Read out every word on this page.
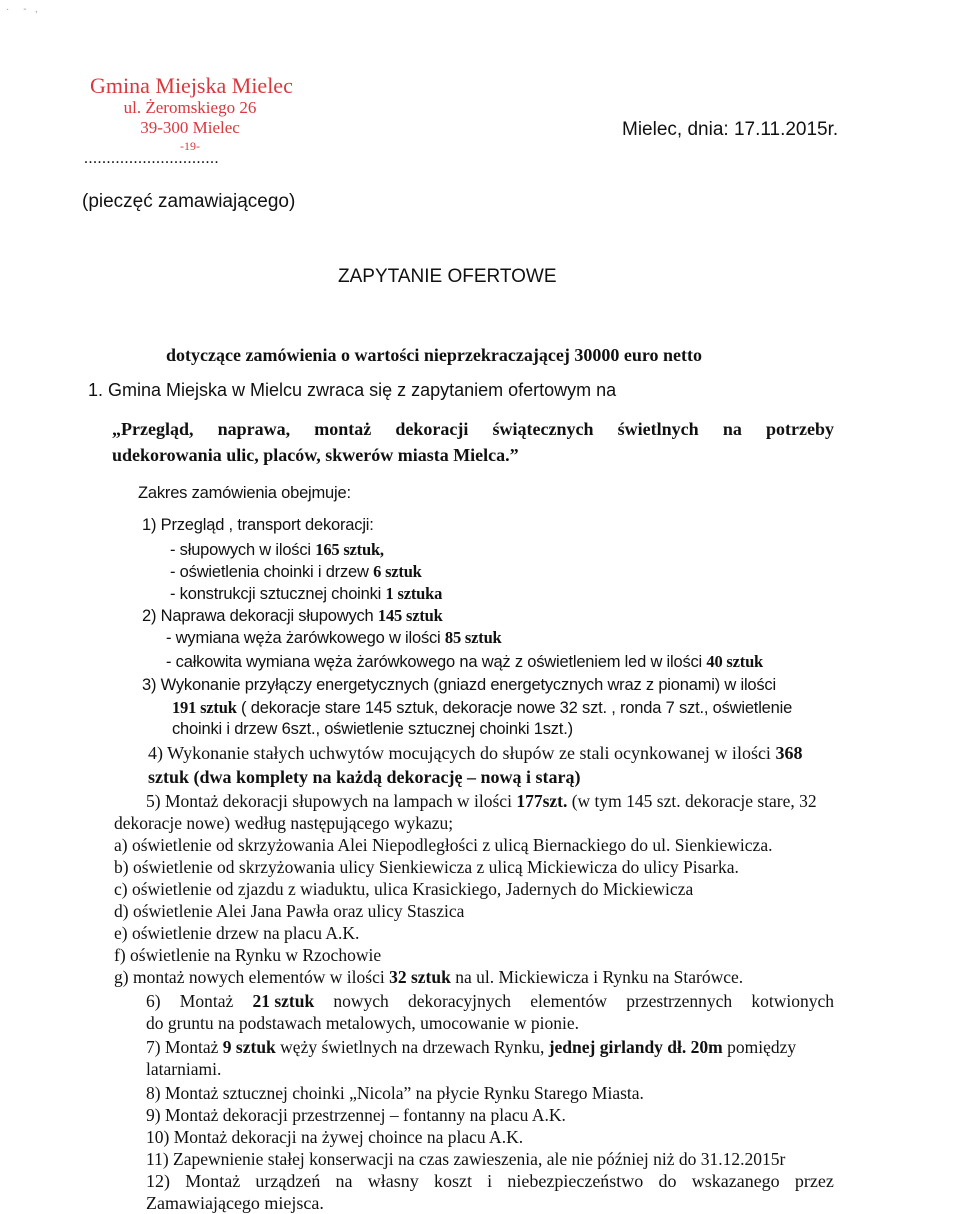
·     ‑   ,
Gmina Miejska Mielec
ul. Żeromskiego 26
39-300 Mielec
-19-
Mielec, dnia: 17.11.2015r.
..............................
(pieczęć zamawiającego)
ZAPYTANIE OFERTOWE
dotyczące zamówienia o wartości nieprzekraczającej 30000 euro netto
1. Gmina Miejska w Mielcu zwraca się z zapytaniem ofertowym na
„Przegląd, naprawa, montaż dekoracji świątecznych świetlnych na potrzeby
udekorowania ulic, placów, skwerów miasta Mielca.”
Zakres zamówienia obejmuje:
1) Przegląd , transport dekoracji:
- słupowych w ilości 165 sztuk,
- oświetlenia choinki i drzew 6 sztuk
- konstrukcji sztucznej choinki 1 sztuka
2) Naprawa dekoracji słupowych 145 sztuk
- wymiana węża żarówkowego w ilości 85 sztuk
- całkowita wymiana węża żarówkowego na wąż z oświetleniem led w ilości 40 sztuk
3) Wykonanie przyłączy energetycznych (gniazd energetycznych wraz z pionami) w ilości
191 sztuk ( dekoracje stare 145 sztuk, dekoracje nowe 32 szt. , ronda 7 szt., oświetlenie
choinki i drzew 6szt., oświetlenie sztucznej choinki 1szt.)
4) Wykonanie stałych uchwytów mocujących do słupów ze stali ocynkowanej w ilości 368
sztuk (dwa komplety na każdą dekorację – nową i starą)
5) Montaż dekoracji słupowych na lampach w ilości 177szt. (w tym 145 szt. dekoracje stare, 32
dekoracje nowe) według następującego wykazu;
a) oświetlenie od skrzyżowania Alei Niepodległości z ulicą Biernackiego do ul. Sienkiewicza.
b) oświetlenie od skrzyżowania ulicy Sienkiewicza z ulicą Mickiewicza do ulicy Pisarka.
c) oświetlenie od zjazdu z wiaduktu, ulica Krasickiego, Jadernych do Mickiewicza
d) oświetlenie Alei Jana Pawła oraz ulicy Staszica
e) oświetlenie drzew na placu A.K.
f) oświetlenie na Rynku w Rzochowie
g) montaż nowych elementów w ilości 32 sztuk na ul. Mickiewicza i Rynku na Starówce.
6) Montaż 21 sztuk nowych dekoracyjnych elementów przestrzennych kotwionych
do gruntu na podstawach metalowych, umocowanie w pionie.
7) Montaż 9 sztuk węży świetlnych na drzewach Rynku, jednej girlandy dł. 20m pomiędzy
latarniami.
8) Montaż sztucznej choinki „Nicola” na płycie Rynku Starego Miasta.
9) Montaż dekoracji przestrzennej – fontanny na placu A.K.
10) Montaż dekoracji na żywej choince na placu A.K.
11) Zapewnienie stałej konserwacji na czas zawieszenia, ale nie później niż do 31.12.2015r
12) Montaż urządzeń na własny koszt i niebezpieczeństwo do wskazanego przez
Zamawiającego miejsca.
